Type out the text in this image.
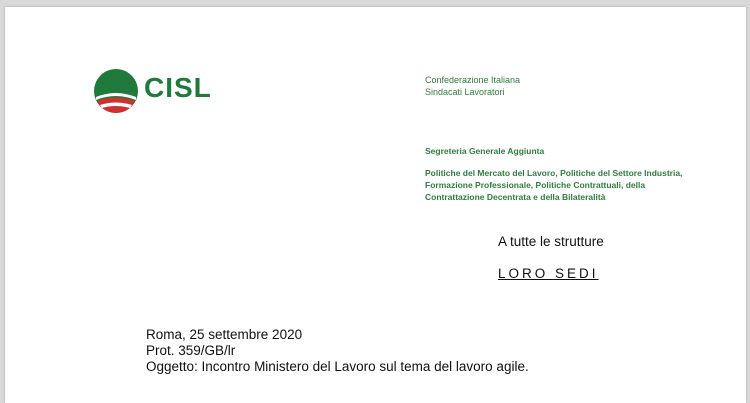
CISL	Confederazione Italiana
Sindacati Lavoratori
Segreteria Generale Aggiunta
Politiche del Mercato del Lavoro, Politiche del Settore Industria, Formazione Professionale, Politiche Contrattuali, della Contrattazione Decentrata e della Bilateralità
A tutte le strutture
LORO SEDI
Roma, 25 settembre 2020
Prot. 359/GB/lr
Oggetto: Incontro Ministero del Lavoro sul tema del lavoro agile.
